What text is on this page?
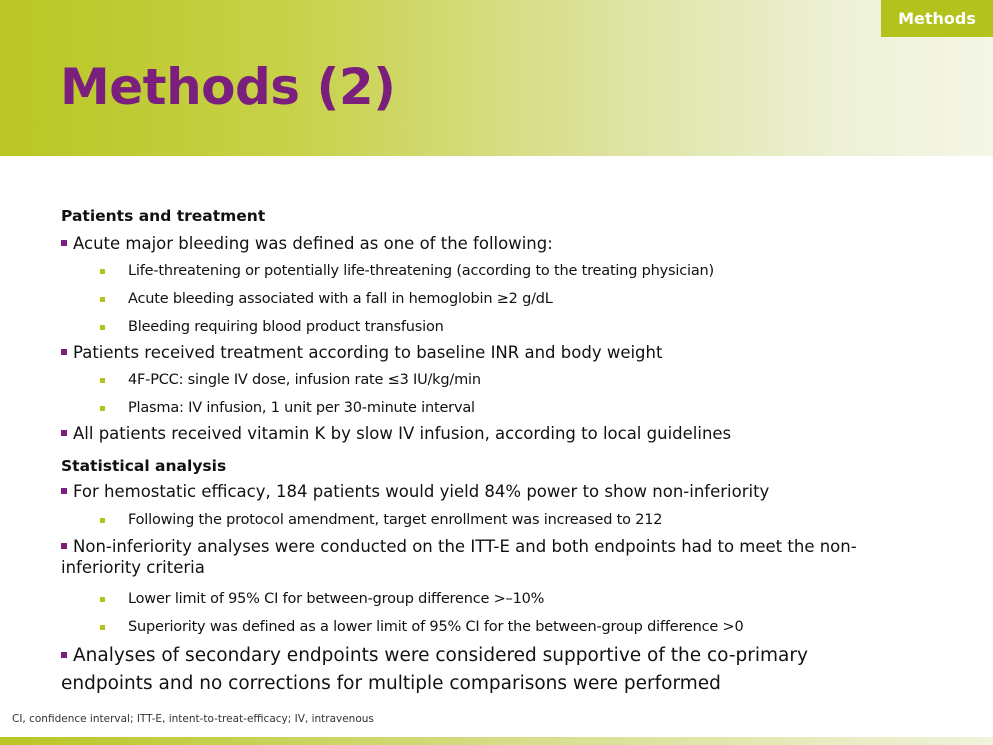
Methods
Methods (2)

Patients and treatment

Acute major bleeding was defined as one of the following:

Life-threatening or potentially life-threatening (according to the treating physician)

Acute bleeding associated with a fall in hemoglobin ≥2 g/dL

Bleeding requiring blood product transfusion

Patients received treatment according to baseline INR and body weight

4F-PCC: single IV dose, infusion rate ≤3 IU/kg/min

Plasma: IV infusion, 1 unit per 30-minute interval

All patients received vitamin K by slow IV infusion, according to local guidelines

Statistical analysis

For hemostatic efficacy, 184 patients would yield 84% power to show non-inferiority

Following the protocol amendment, target enrollment was increased to 212

Non-inferiority analyses were conducted on the ITT-E and both endpoints had to meet the non-inferiority criteria

Lower limit of 95% CI for between-group difference >–10%

Superiority was defined as a lower limit of 95% CI for the between-group difference >0

Analyses of secondary endpoints were considered supportive of the co-primary endpoints and no corrections for multiple comparisons were performed

CI, confidence interval; ITT-E, intent-to-treat-efficacy; IV, intravenous
